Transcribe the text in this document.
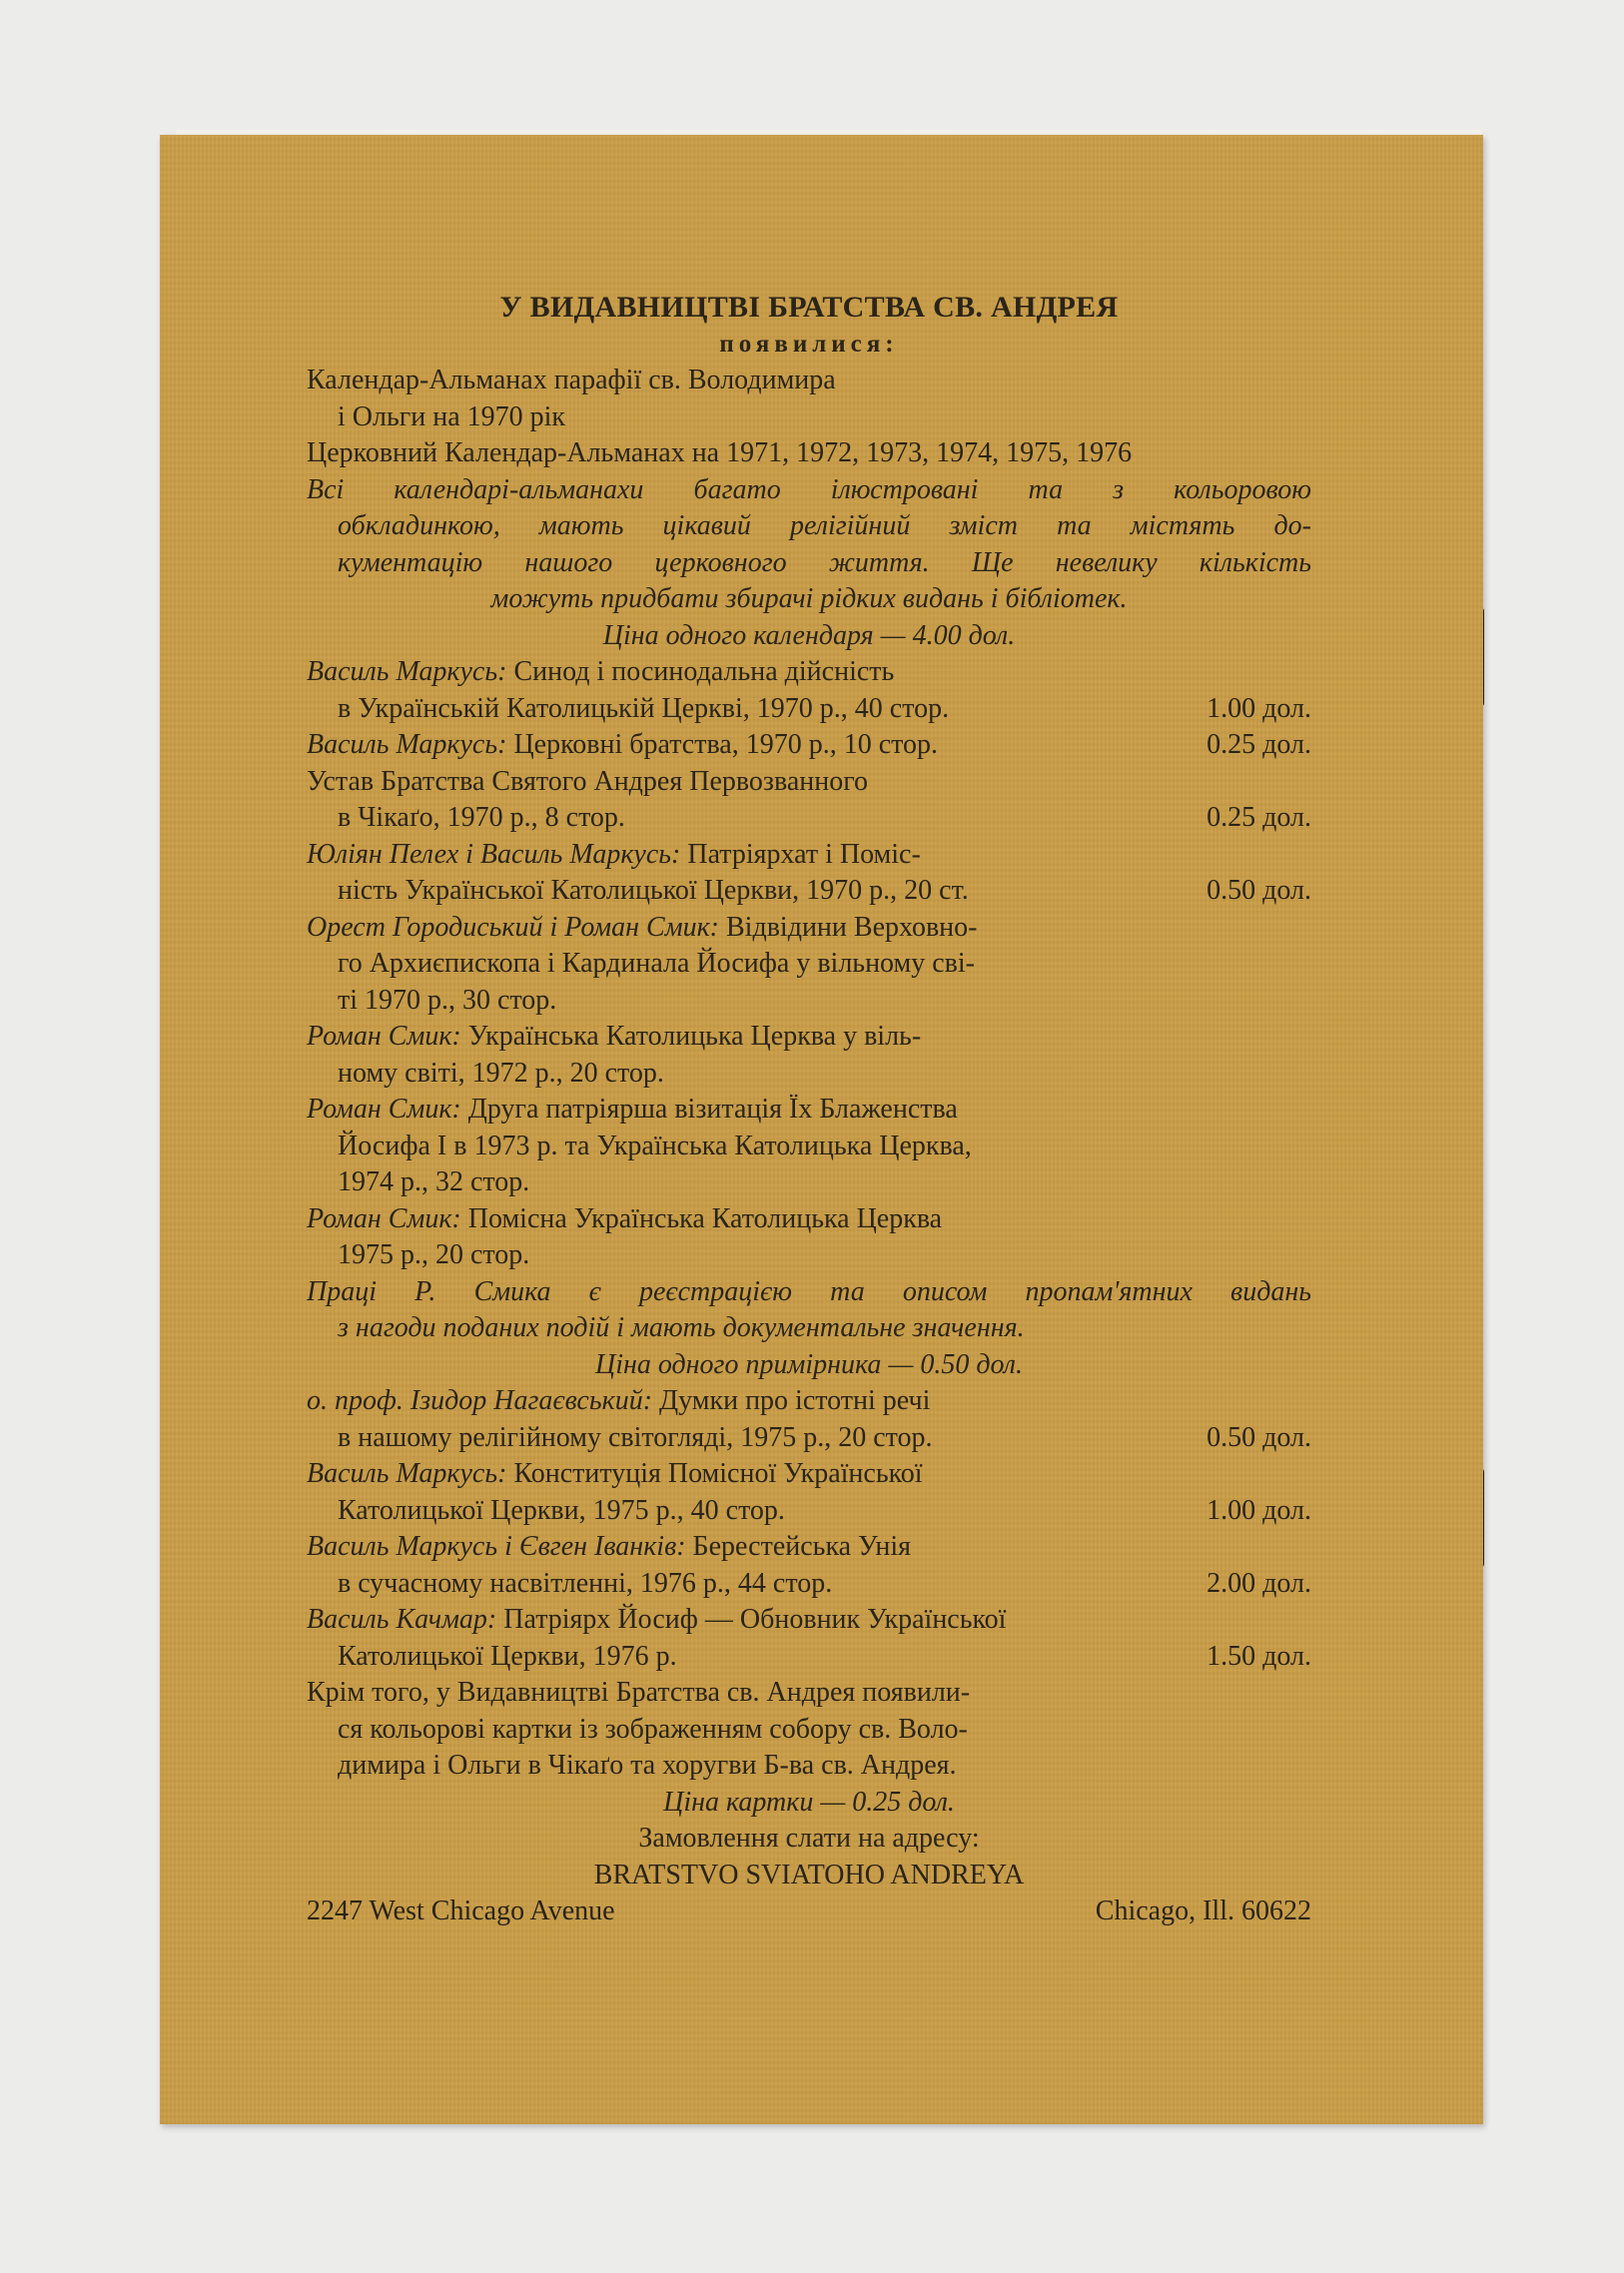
У ВИДАВНИЦТВІ БРАТСТВА СВ. АНДРЕЯ
появилися:
Календар-Альманах парафії св. Володимира
і Ольги на 1970 рік
Церковний Календар-Альманах на 1971, 1972, 1973, 1974, 1975, 1976
Всі календарі-альманахи багато ілюстровані та з кольоровою
обкладинкою, мають цікавий релігійний зміст та містять до-
кументацію нашого церковного життя. Ще невелику кількість
можуть придбати збирачі рідких видань і бібліотек.
Ціна одного календаря — 4.00 дол.
Василь Маркусь: Синод і посинодальна дійсність
в Українській Католицькій Церкві, 1970 р., 40 стор.	1.00 дол.
Василь Маркусь: Церковні братства, 1970 р., 10 стор.	0.25 дол.
Устав Братства Святого Андрея Первозванного
в Чікаґо, 1970 р., 8 стор.	0.25 дол.
Юліян Пелех і Василь Маркусь: Патріярхат і Поміс-
ність Української Католицької Церкви, 1970 р., 20 ст.	0.50 дол.
Орест Городиський і Роман Смик: Відвідини Верховно-
го Архиєпископа і Кардинала Йосифа у вільному сві-
ті 1970 р., 30 стор.
Роман Смик: Українська Католицька Церква у віль-
ному світі, 1972 р., 20 стор.
Роман Смик: Друга патріярша візитація Їх Блаженства
Йосифа І в 1973 р. та Українська Католицька Церква,
1974 р., 32 стор.
Роман Смик: Помісна Українська Католицька Церква
1975 р., 20 стор.
Праці Р. Смика є реєстрацією та описом пропам'ятних видань
з нагоди поданих подій і мають документальне значення.
Ціна одного примірника — 0.50 дол.
о. проф. Ізидор Нагаєвський: Думки про істотні речі
в нашому релігійному світогляді, 1975 р., 20 стор.	0.50 дол.
Василь Маркусь: Конституція Помісної Української
Католицької Церкви, 1975 р., 40 стор.	1.00 дол.
Василь Маркусь і Євген Іванків: Берестейська Унія
в сучасному насвітленні, 1976 р., 44 стор.	2.00 дол.
Василь Качмар: Патріярх Йосиф — Обновник Української
Католицької Церкви, 1976 р.	1.50 дол.
Крім того, у Видавництві Братства св. Андрея появили-
ся кольорові картки із зображенням собору св. Воло-
димира і Ольги в Чікаґо та хоругви Б-ва св. Андрея.
Ціна картки — 0.25 дол.
Замовлення слати на адресу:
BRATSTVO SVIATOHO ANDREYA
2247 West Chicago Avenue	Chicago, Ill. 60622
